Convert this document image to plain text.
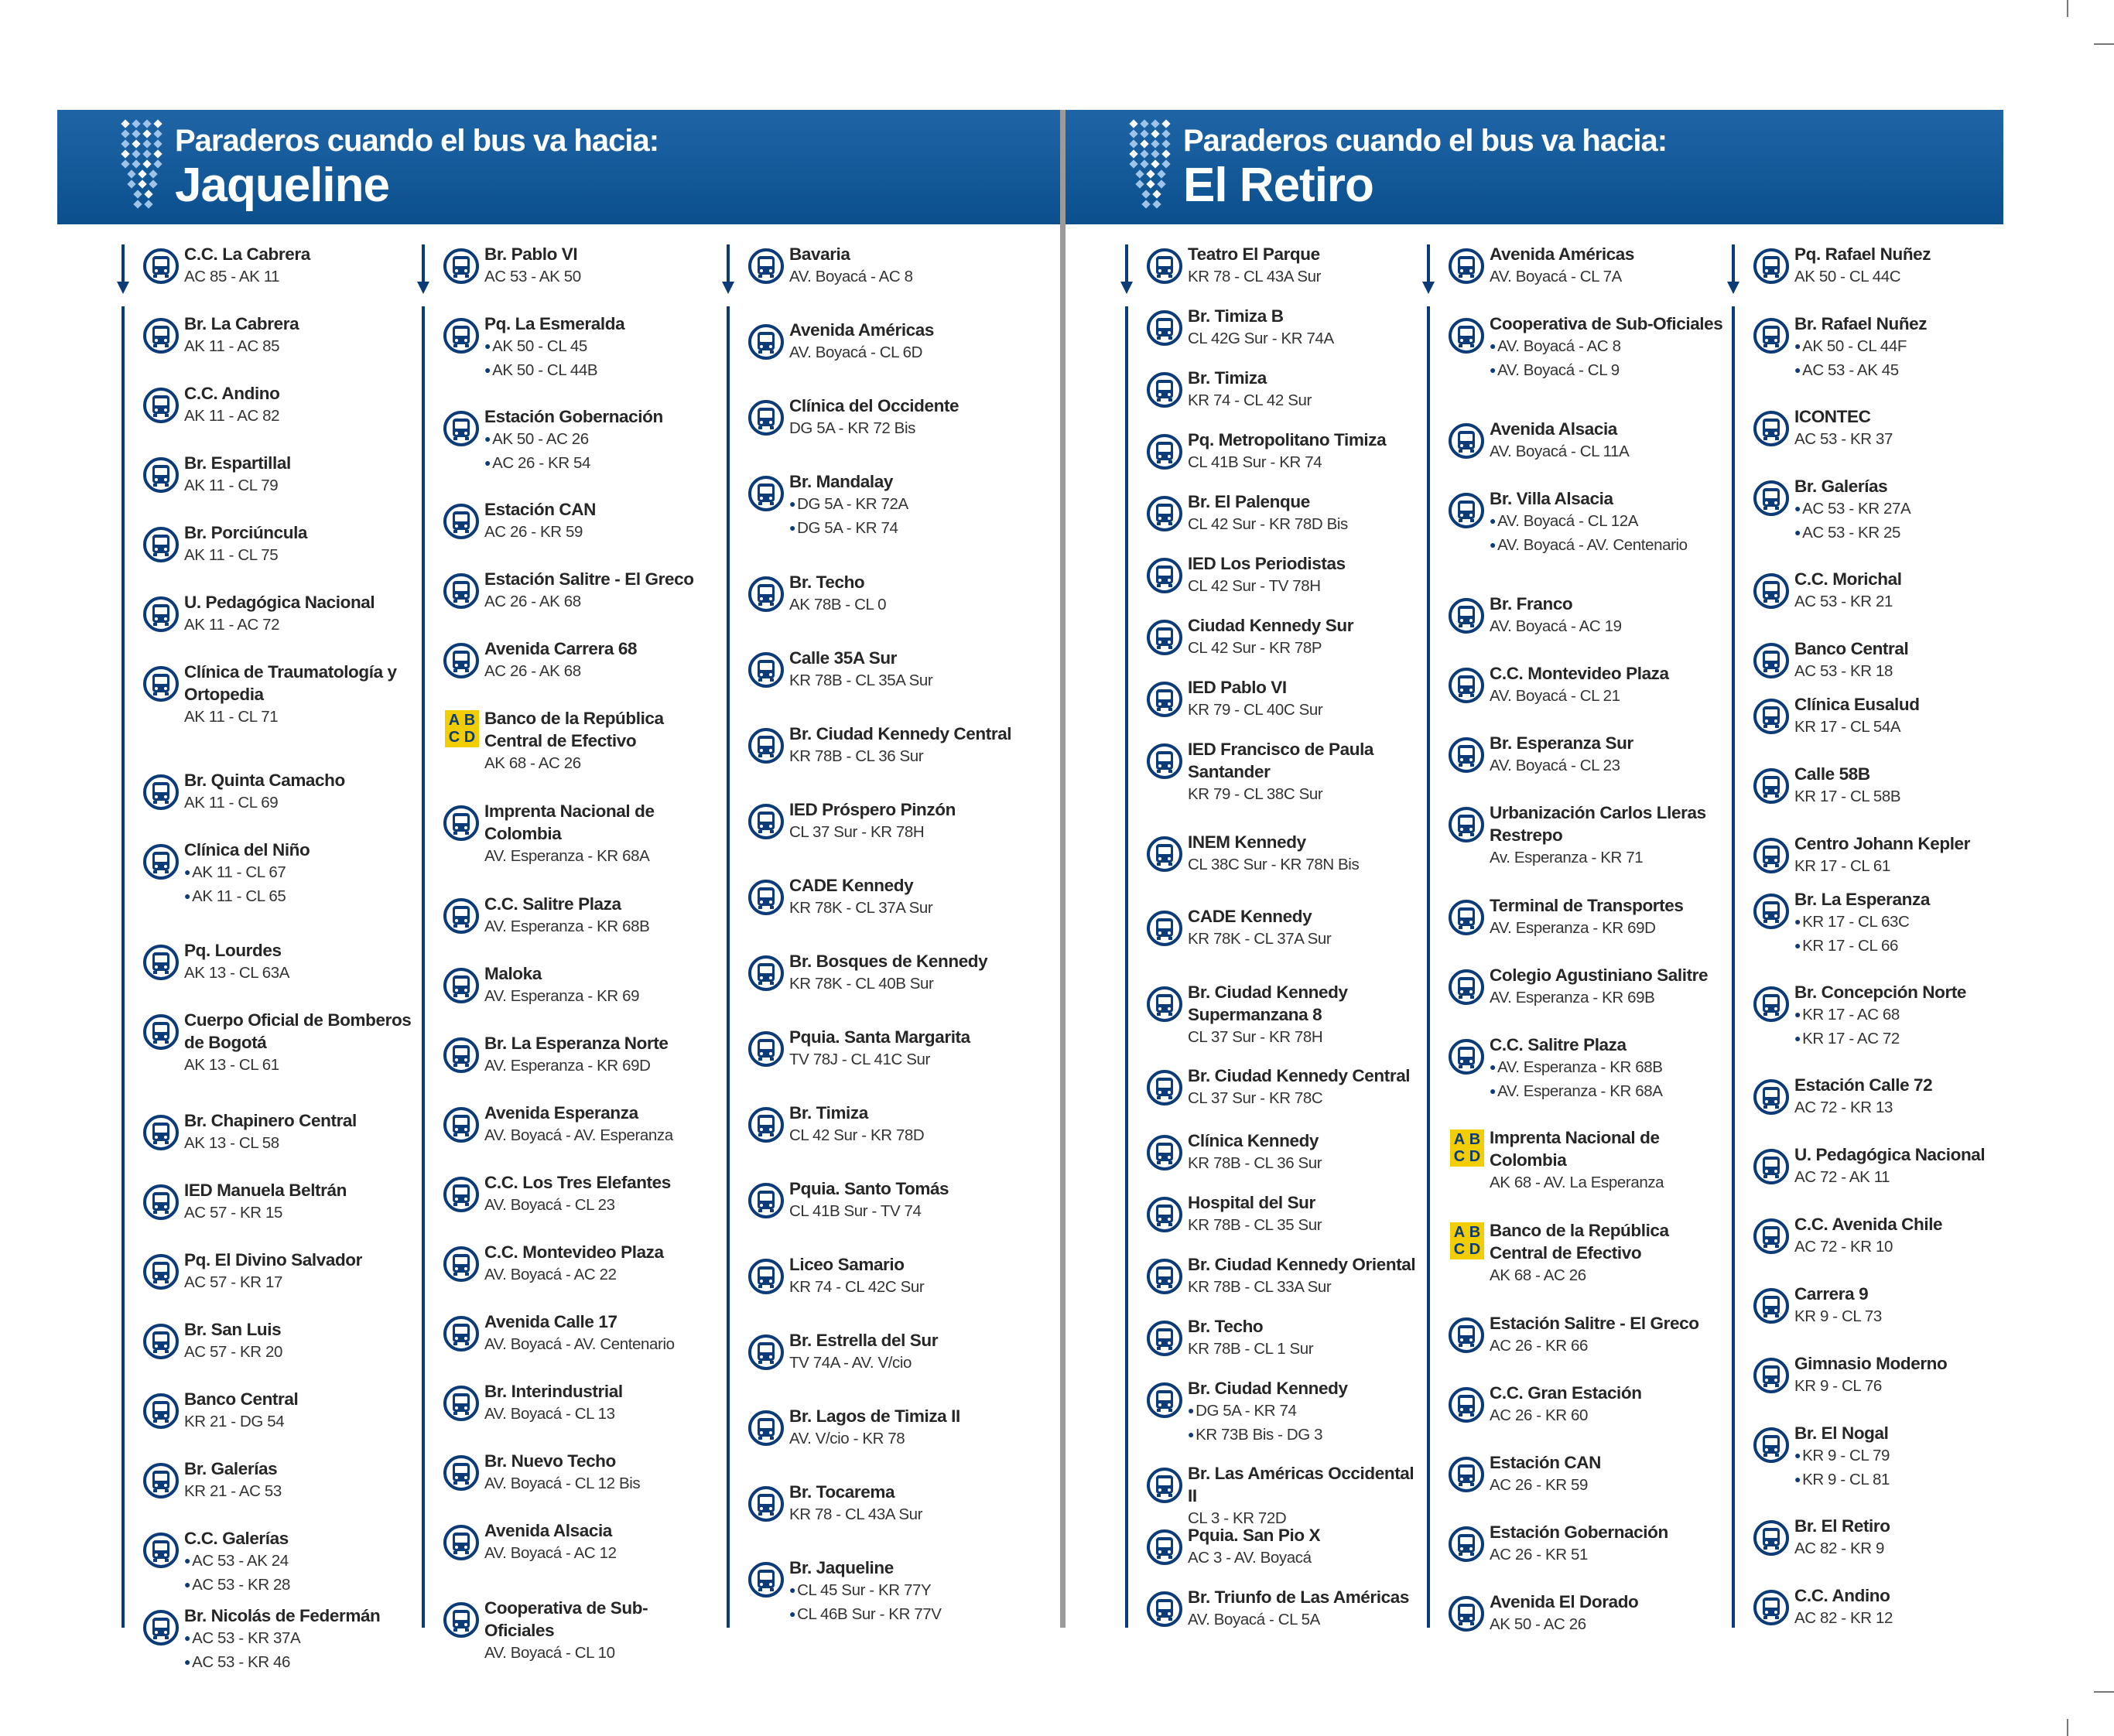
Paraderos cuando el bus va hacia:
Jaqueline
C.C. La Cabrera
AC 85 - AK 11
Br. La Cabrera
AK 11 - AC 85
C.C. Andino
AK 11 - AC 82
Br. Espartillal
AK 11 - CL 79
Br. Porciúncula
AK 11 - CL 75
U. Pedagógica Nacional
AK 11 - AC 72
Clínica de Traumatología y Ortopedia
AK 11 - CL 71
Br. Quinta Camacho
AK 11 - CL 69
Clínica del Niño
● AK 11 - CL 67
● AK 11 - CL 65
Pq. Lourdes
AK 13 - CL 63A
Cuerpo Oficial de Bomberos de Bogotá
AK 13 - CL 61
Br. Chapinero Central
AK 13 - CL 58
IED Manuela Beltrán
AC 57 - KR 15
Pq. El Divino Salvador
AC 57 - KR 17
Br. San Luis
AC 57 - KR 20
Banco Central
KR 21 - DG 54
Br. Galerías
KR 21 - AC 53
C.C. Galerías
● AC 53 - AK 24
● AC 53 - KR 28
Br. Nicolás de Federmán
● AC 53 - KR 37A
● AC 53 - KR 46
Br. Pablo VI
AC 53 - AK 50
Pq. La Esmeralda
● AK 50 - CL 45
● AK 50 - CL 44B
Estación Gobernación
● AK 50 - AC 26
● AC 26 - KR 54
Estación CAN
AC 26 - KR 59
Estación Salitre - El Greco
AC 26 - AK 68
Avenida Carrera 68
AC 26 - AK 68
A B
C D
Banco de la República Central de Efectivo
AK 68 - AC 26
Imprenta Nacional de Colombia
AV. Esperanza - KR 68A
C.C. Salitre Plaza
AV. Esperanza - KR 68B
Maloka
AV. Esperanza - KR 69
Br. La Esperanza Norte
AV. Esperanza - KR 69D
Avenida Esperanza
AV. Boyacá - AV. Esperanza
C.C. Los Tres Elefantes
AV. Boyacá - CL 23
C.C. Montevideo Plaza
AV. Boyacá - AC 22
Avenida Calle 17
AV. Boyacá - AV. Centenario
Br. Interindustrial
AV. Boyacá - CL 13
Br. Nuevo Techo
AV. Boyacá - CL 12 Bis
Avenida Alsacia
AV. Boyacá - AC 12
Cooperativa de Sub-Oficiales
AV. Boyacá - CL 10
Bavaria
AV. Boyacá - AC 8
Avenida Américas
AV. Boyacá - CL 6D
Clínica del Occidente
DG 5A - KR 72 Bis
Br. Mandalay
● DG 5A - KR 72A
● DG 5A - KR 74
Br. Techo
AK 78B - CL 0
Calle 35A Sur
KR 78B - CL 35A Sur
Br. Ciudad Kennedy Central
KR 78B - CL 36 Sur
IED Próspero Pinzón
CL 37 Sur - KR 78H
CADE Kennedy
KR 78K - CL 37A Sur
Br. Bosques de Kennedy
KR 78K - CL 40B Sur
Pquia. Santa Margarita
TV 78J - CL 41C Sur
Br. Timiza
CL 42 Sur - KR 78D
Pquia. Santo Tomás
CL 41B Sur - TV 74
Liceo Samario
KR 74 - CL 42C Sur
Br. Estrella del Sur
TV 74A - AV. V/cio
Br. Lagos de Timiza II
AV. V/cio - KR 78
Br. Tocarema
KR 78 - CL 43A Sur
Br. Jaqueline
● CL 45 Sur - KR 77Y
● CL 46B Sur - KR 77V
Paraderos cuando el bus va hacia:
El Retiro
Teatro El Parque
KR 78 - CL 43A Sur
Br. Timiza B
CL 42G Sur - KR 74A
Br. Timiza
KR 74 - CL 42 Sur
Pq. Metropolitano Timiza
CL 41B Sur - KR 74
Br. El Palenque
CL 42 Sur - KR 78D Bis
IED Los Periodistas
CL 42 Sur - TV 78H
Ciudad Kennedy Sur
CL 42 Sur - KR 78P
IED Pablo VI
KR 79 - CL 40C Sur
IED Francisco de Paula Santander
KR 79 - CL 38C Sur
INEM Kennedy
CL 38C Sur - KR 78N Bis
CADE Kennedy
KR 78K - CL 37A Sur
Br. Ciudad Kennedy Supermanzana 8
CL 37 Sur - KR 78H
Br. Ciudad Kennedy Central
CL 37 Sur - KR 78C
Clínica Kennedy
KR 78B - CL 36 Sur
Hospital del Sur
KR 78B - CL 35 Sur
Br. Ciudad Kennedy Oriental
KR 78B - CL 33A Sur
Br. Techo
KR 78B - CL 1 Sur
Br. Ciudad Kennedy
● DG 5A - KR 74
● KR 73B Bis - DG 3
Br. Las Américas Occidental II
CL 3 - KR 72D
Pquia. San Pio X
AC 3 - AV. Boyacá
Br. Triunfo de Las Américas
AV. Boyacá - CL 5A
Avenida Américas
AV. Boyacá - CL 7A
Cooperativa de Sub-Oficiales
● AV. Boyacá - AC 8
● AV. Boyacá - CL 9
Avenida Alsacia
AV. Boyacá - CL 11A
Br. Villa Alsacia
● AV. Boyacá - CL 12A
● AV. Boyacá - AV. Centenario
Br. Franco
AV. Boyacá - AC 19
C.C. Montevideo Plaza
AV. Boyacá - CL 21
Br. Esperanza Sur
AV. Boyacá - CL 23
Urbanización Carlos Lleras Restrepo
Av. Esperanza - KR 71
Terminal de Transportes
AV. Esperanza - KR 69D
Colegio Agustiniano Salitre
AV. Esperanza - KR 69B
C.C. Salitre Plaza
● AV. Esperanza - KR 68B
● AV. Esperanza - KR 68A
A B
C D
Imprenta Nacional de Colombia
AK 68 - AV. La Esperanza
A B
C D
Banco de la República Central de Efectivo
AK 68 - AC 26
Estación Salitre - El Greco
AC 26 - KR 66
C.C. Gran Estación
AC 26 - KR 60
Estación CAN
AC 26 - KR 59
Estación Gobernación
AC 26 - KR 51
Avenida El Dorado
AK 50 - AC 26
Pq. Rafael Nuñez
AK 50 - CL 44C
Br. Rafael Nuñez
● AK 50 - CL 44F
● AC 53 - AK 45
ICONTEC
AC 53 - KR 37
Br. Galerías
● AC 53 - KR 27A
● AC 53 - KR 25
C.C. Morichal
AC 53 - KR 21
Banco Central
AC 53 - KR 18
Clínica Eusalud
KR 17 - CL 54A
Calle 58B
KR 17 - CL 58B
Centro Johann Kepler
KR 17 - CL 61
Br. La Esperanza
● KR 17 - CL 63C
● KR 17 - CL 66
Br. Concepción Norte
● KR 17 - AC 68
● KR 17 - AC 72
Estación Calle 72
AC 72 - KR 13
U. Pedagógica Nacional
AC 72 - AK 11
C.C. Avenida Chile
AC 72 - KR 10
Carrera 9
KR 9 - CL 73
Gimnasio Moderno
KR 9 - CL 76
Br. El Nogal
● KR 9 - CL 79
● KR 9 - CL 81
Br. El Retiro
AC 82 - KR 9
C.C. Andino
AC 82 - KR 12
